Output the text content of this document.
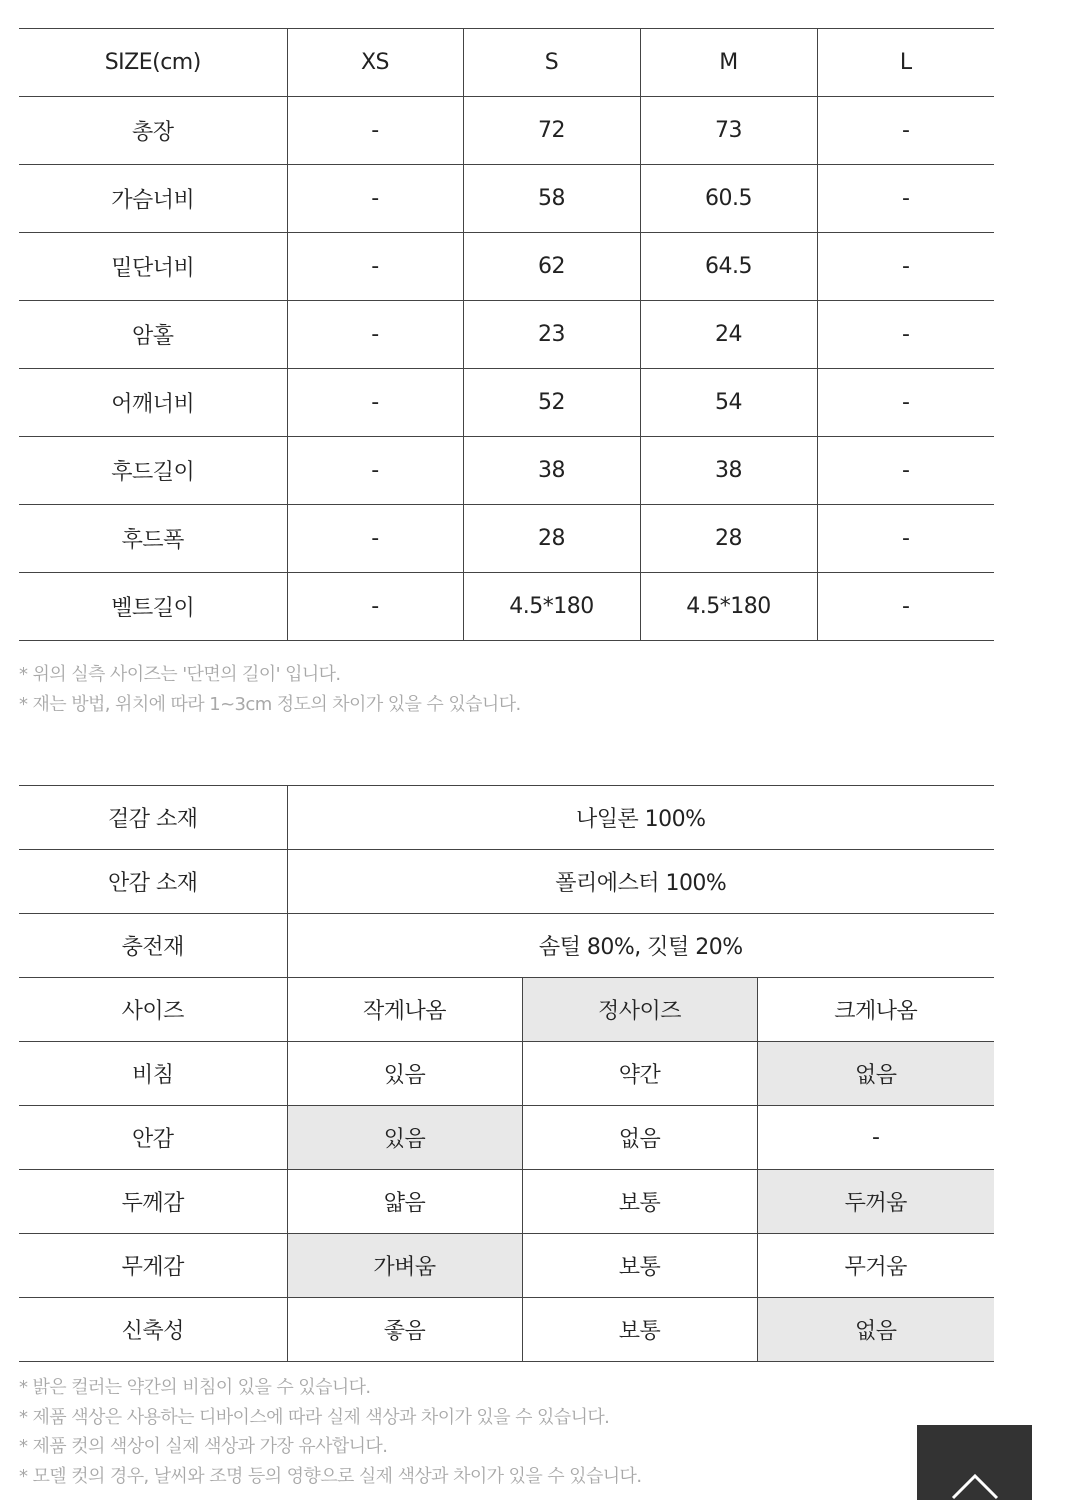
SIZE(cm)	XS	S	M	L
총장	-	72	73	-
가슴너비	-	58	60.5	-
밑단너비	-	62	64.5	-
암홀	-	23	24	-
어깨너비	-	52	54	-
후드길이	-	38	38	-
후드폭	-	28	28	-
벨트길이	-	4.5*180	4.5*180	-
* 위의 실측 사이즈는 '단면의 길이' 입니다.
* 재는 방법, 위치에 따라 1~3cm 정도의 차이가 있을 수 있습니다.
겉감 소재	나일론 100%		
안감 소재	폴리에스터 100%		
충전재	솜털 80%, 깃털 20%		
사이즈	작게나옴	정사이즈	크게나옴
비침	있음	약간	없음
안감	있음	없음	-
두께감	얇음	보통	두꺼움
무게감	가벼움	보통	무거움
신축성	좋음	보통	없음
* 밝은 컬러는 약간의 비침이 있을 수 있습니다.
* 제품 색상은 사용하는 디바이스에 따라 실제 색상과 차이가 있을 수 있습니다.
* 제품 컷의 색상이 실제 색상과 가장 유사합니다.
* 모델 컷의 경우, 날씨와 조명 등의 영향으로 실제 색상과 차이가 있을 수 있습니다.
